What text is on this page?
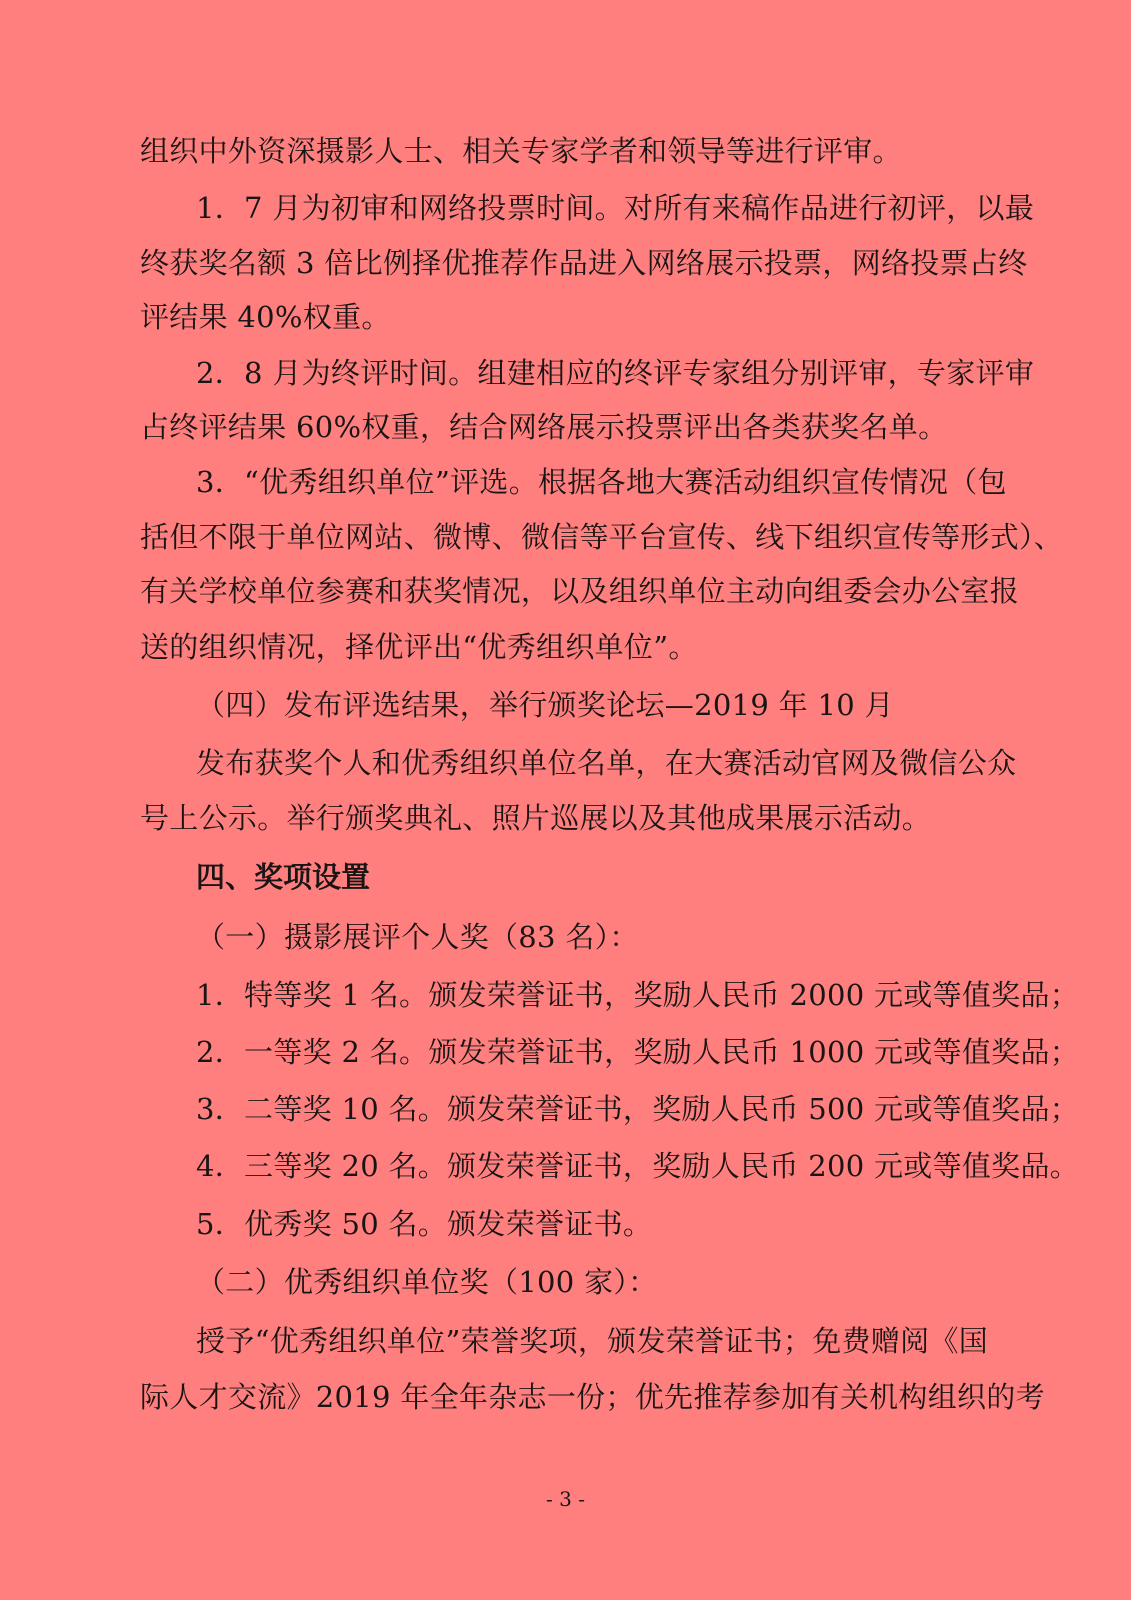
组织中外资深摄影人士、相关专家学者和领导等进行评审。
1．7 月为初审和网络投票时间。对所有来稿作品进行初评，以最
终获奖名额 3 倍比例择优推荐作品进入网络展示投票，网络投票占终
评结果 40%权重。
2．8 月为终评时间。组建相应的终评专家组分别评审，专家评审
占终评结果 60%权重，结合网络展示投票评出各类获奖名单。
3．“优秀组织单位”评选。根据各地大赛活动组织宣传情况（包
括但不限于单位网站、微博、微信等平台宣传、线下组织宣传等形式）、
有关学校单位参赛和获奖情况，以及组织单位主动向组委会办公室报
送的组织情况，择优评出“优秀组织单位”。
（四）发布评选结果，举行颁奖论坛—2019 年 10 月
发布获奖个人和优秀组织单位名单，在大赛活动官网及微信公众
号上公示。举行颁奖典礼、照片巡展以及其他成果展示活动。
四、奖项设置
（一）摄影展评个人奖（83 名）：
1．特等奖 1 名。颁发荣誉证书，奖励人民币 2000 元或等值奖品；
2．一等奖 2 名。颁发荣誉证书，奖励人民币 1000 元或等值奖品；
3．二等奖 10 名。颁发荣誉证书，奖励人民币 500 元或等值奖品；
4．三等奖 20 名。颁发荣誉证书，奖励人民币 200 元或等值奖品。
5．优秀奖 50 名。颁发荣誉证书。
（二）优秀组织单位奖（100 家）：
授予“优秀组织单位”荣誉奖项，颁发荣誉证书；免费赠阅《国
际人才交流》2019 年全年杂志一份；优先推荐参加有关机构组织的考
- 3 -
